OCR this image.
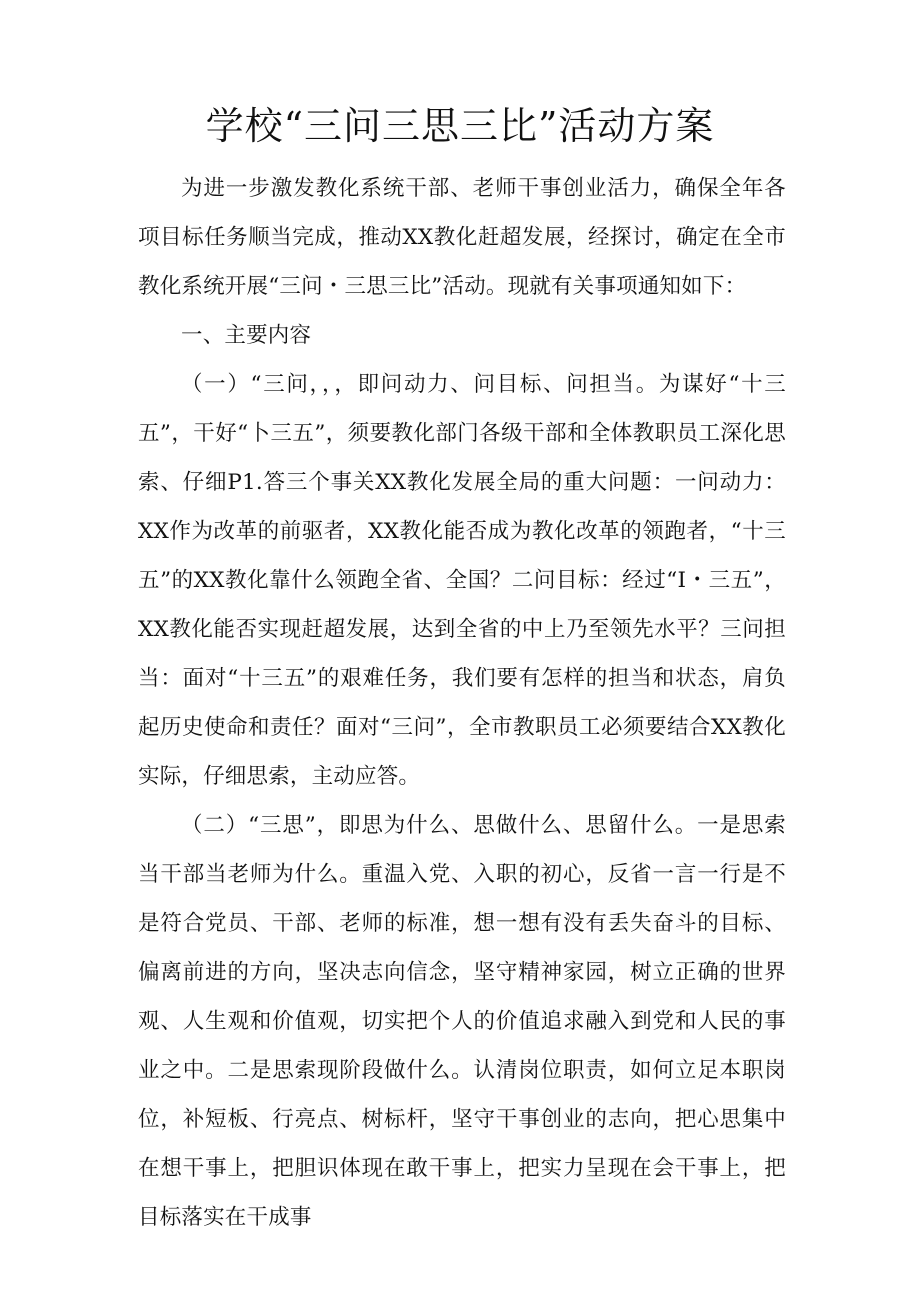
学校“三问三思三比”活动方案

为进一步激发教化系统干部、老师干事创业活力，确保全年各项目标任务顺当完成，推动XX教化赶超发展，经探讨，确定在全市教化系统开展“三问・三思三比”活动。现就有关事项通知如下：

一、主要内容

（一）“三问，，，即问动力、问目标、问担当。为谋好“十三五”，干好“卜三五”，须要教化部门各级干部和全体教职员工深化思索、仔细P1.答三个事关XX教化发展全局的重大问题：一问动力：XX作为改革的前驱者，XX教化能否成为教化改革的领跑者，“十三五”的XX教化靠什么领跑全省、全国？二问目标：经过“I・三五”，XX教化能否实现赶超发展，达到全省的中上乃至领先水平？三问担当：面对“十三五”的艰难任务，我们要有怎样的担当和状态，肩负起历史使命和责任？面对“三问”，全市教职员工必须要结合XX教化实际，仔细思索，主动应答。

（二）“三思”，即思为什么、思做什么、思留什么。一是思索当干部当老师为什么。重温入党、入职的初心，反省一言一行是不是符合党员、干部、老师的标准，想一想有没有丢失奋斗的目标、偏离前进的方向，坚决志向信念，坚守精神家园，树立正确的世界观、人生观和价值观，切实把个人的价值追求融入到党和人民的事业之中。二是思索现阶段做什么。认清岗位职责，如何立足本职岗位，补短板、行亮点、树标杆，坚守干事创业的志向，把心思集中在想干事上，把胆识体现在敢干事上，把实力呈现在会干事上，把目标落实在干成事
